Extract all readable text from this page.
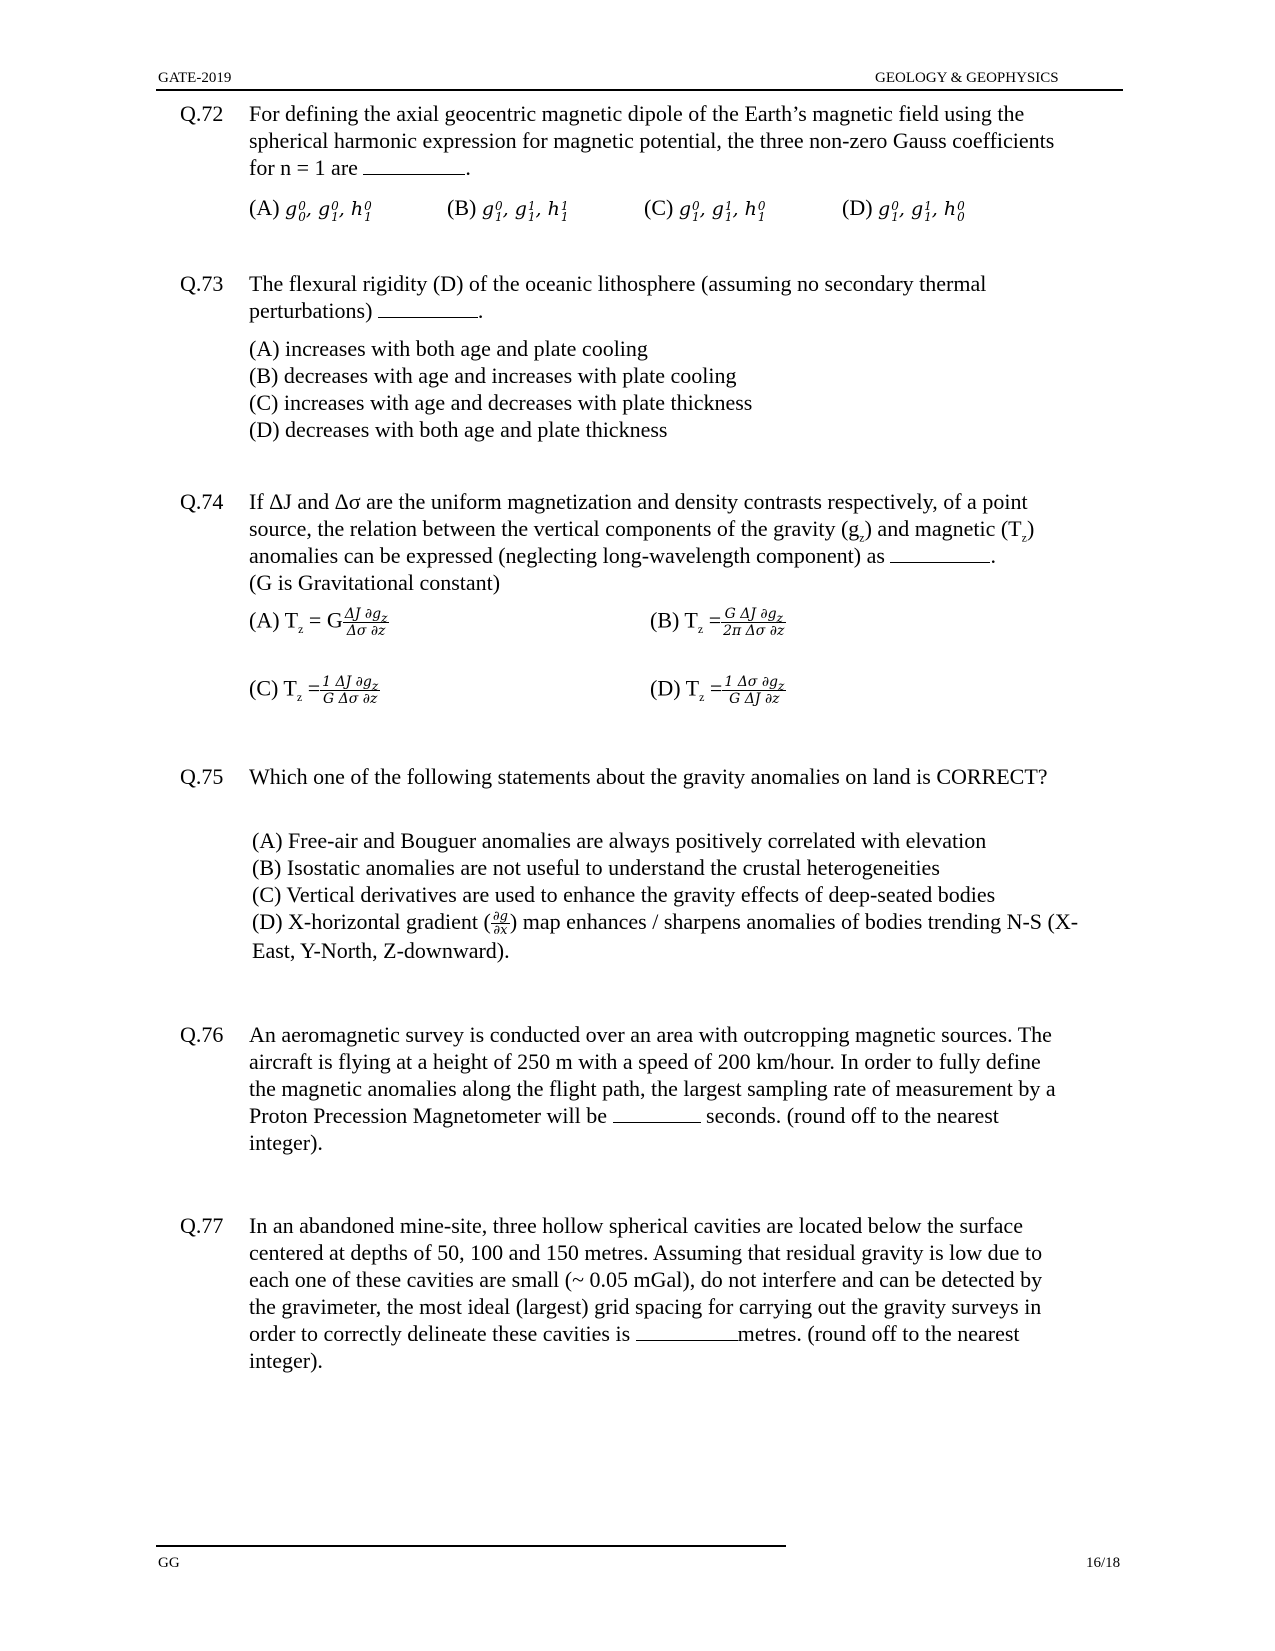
GATE-2019	GEOLOGY & GEOPHYSICS
Q.72 For defining the axial geocentric magnetic dipole of the Earth’s magnetic field using the
spherical harmonic expression for magnetic potential, the three non-zero Gauss coefficients
for n = 1 are	.
(A) g 0
0 , g 0
1 , h 0
1	(B) g 0
1 , g 1
1 , h 1
1	(C) g 0
1 , g 1
1 , h 0
1	(D) g 0
1 , g 1
1 , h 0
0
Q.73 The flexural rigidity (D) of the oceanic lithosphere (assuming no secondary thermal
perturbations)	.
(A) increases with both age and plate cooling
(B) decreases with age and increases with plate cooling
(C) increases with age and decreases with plate thickness
(D) decreases with both age and plate thickness
Q.74 If ΔJ and Δσ are the uniform magnetization and density contrasts respectively, of a point
source, the relation between the vertical components of the gravity $(g_z)$ and magnetic $(T_z)$
anomalies can be expressed (neglecting long-wavelength component) as	.
(G is Gravitational constant)
(A) $T_z = G \frac{\Delta J \partial g_z}{\Delta\sigma \partial z}$	(B) $T_z = \frac{G \Delta J \partial g_z}{\text{2π Δσ ∂z}}$
(C) $T_z = \frac{1 \Delta J \partial g_z}{\text{G Δσ ∂z}}$	(D) $T_z = \frac{1 \Delta\sigma \partial g_z}{\text{G ΔJ ∂z}}$
Q.75 Which one of the following statements about the gravity anomalies on land is CORRECT?
(A) Free-air and Bouguer anomalies are always positively correlated with elevation
(B) Isostatic anomalies are not useful to understand the crustal heterogeneities
(C) Vertical derivatives are used to enhance the gravity effects of deep-seated bodies
(D) X-horizontal gradient ( $\frac{\partial g}{\partial x}$ ) map enhances / sharpens anomalies of bodies trending N-S (X-
East, Y-North, Z-downward).
Q.76 An aeromagnetic survey is conducted over an area with outcropping magnetic sources. The
aircraft is flying at a height of 250 m with a speed of 200 km/hour. In order to fully define
the magnetic anomalies along the flight path, the largest sampling rate of measurement by a
Proton Precession Magnetometer will be	seconds. (round off to the nearest
integer).
Q.77 In an abandoned mine-site, three hollow spherical cavities are located below the surface
centered at depths of 50, 100 and 150 metres. Assuming that residual gravity is low due to
each one of these cavities are small (~ 0.05 mGal), do not interfere and can be detected by
the gravimeter, the most ideal (largest) grid spacing for carrying out the gravity surveys in
order to correctly delineate these cavities is	metres. (round off to the nearest
integer).
GG	16/18
